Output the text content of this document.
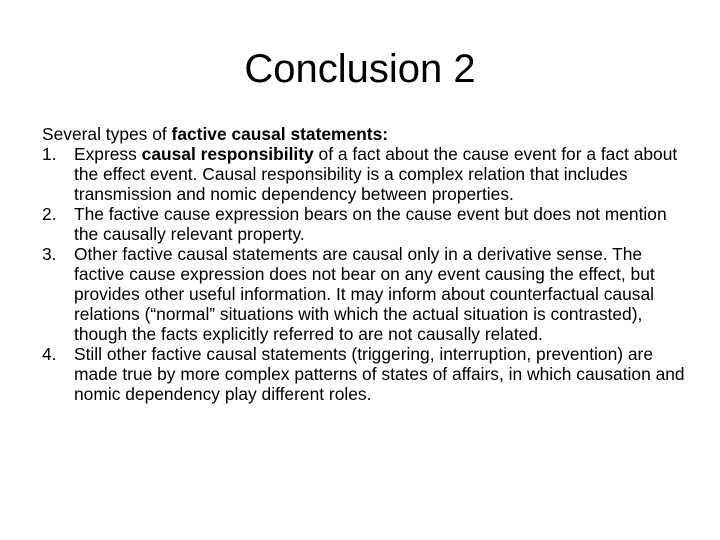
Conclusion 2

Several types of factive causal statements:

1. Express causal responsibility of a fact about the cause event for a fact about the effect event. Causal responsibility is a complex relation that includes transmission and nomic dependency between properties.
2. The factive cause expression bears on the cause event but does not mention the causally relevant property.
3. Other factive causal statements are causal only in a derivative sense. The factive cause expression does not bear on any event causing the effect, but provides other useful information. It may inform about counterfactual causal relations (“normal” situations with which the actual situation is contrasted), though the facts explicitly referred to are not causally related.
4. Still other factive causal statements (triggering, interruption, prevention) are made true by more complex patterns of states of affairs, in which causation and nomic dependency play different roles.
